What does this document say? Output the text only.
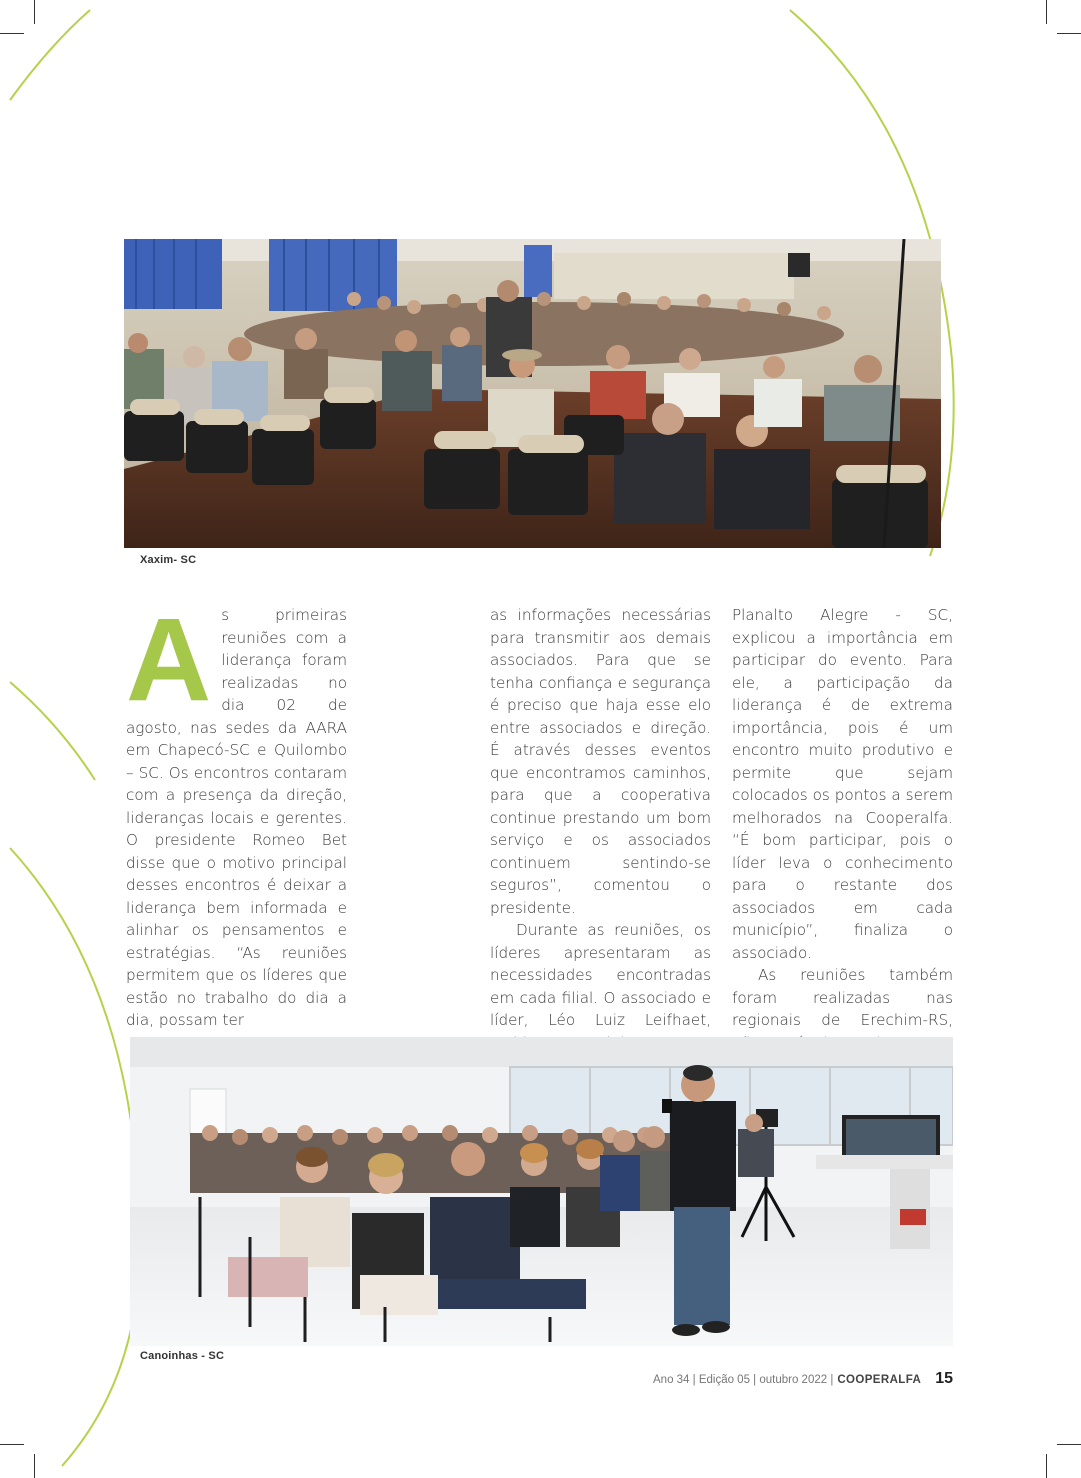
Xaxim- SC
A s primeiras reuniões com a liderança foram realizadas no dia 02 de agosto, nas sedes da AARA em Chapecó-SC e Quilombo – SC. Os encontros contaram com a presença da direção, lideranças locais e gerentes. O presidente Romeo Bet disse que o motivo principal desses encontros é deixar a liderança bem informada e alinhar os pensamentos e estratégias. “As reuniões permitem que os líderes que estão no trabalho do dia a dia, possam ter

as informações necessárias para transmitir aos demais associados. Para que se tenha confiança e segurança é preciso que haja esse elo entre associados e direção. É através desses eventos que encontramos caminhos, para que a cooperativa continue prestando um bom serviço e os associados continuem sentindo-se seguros”, comentou o presidente.

Durante as reuniões, os líderes apresentaram as necessidades encontradas em cada filial. O associado e líder, Léo Luiz Leifhaet,

Planalto Alegre - SC, explicou a importância em participar do evento. Para ele, a participação da liderança é de extrema importância, pois é um encontro muito produtivo e permite que sejam colocados os pontos a serem melhorados na Cooperalfa. “É bom participar, pois o líder leva o conhecimento para o restante dos associados em cada município”, finaliza o associado.

As reuniões também foram realizadas nas regionais de Erechim-RS,

Canoinhas - SC
Ano 34 | Edição 05 | outubro 2022 | COOPERALFA 15
